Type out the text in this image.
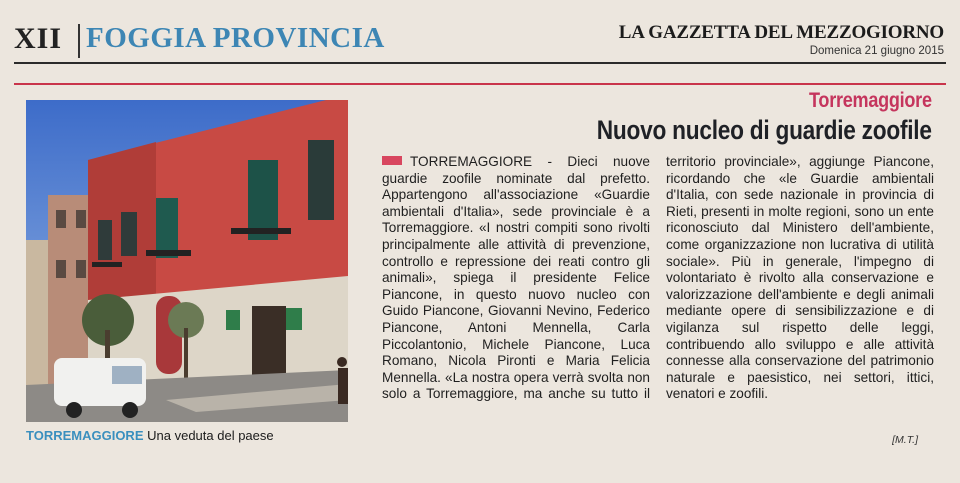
XII FOGGIA PROVINCIA	LA GAZZETTA DEL MEZZOGIORNO
Domenica 21 giugno 2015
TORREMAGGIORE Una veduta del paese
Torremaggiore
Nuovo nucleo di guardie zoofile

TORREMAGGIORE - Dieci nuove guardie zoofile nominate dal prefetto. Appartengono all'associazione «Guardie ambientali d'Italia», sede provinciale è a Torremaggiore. «I nostri compiti sono rivolti principalmente alle attività di prevenzione, controllo e repressione dei reati contro gli animali», spiega il presidente Felice Piancone, in questo nuovo nucleo con Guido Piancone, Giovanni Nevino, Federico Piancone, Antoni Mennella, Carla Piccolantonio, Michele Piancone, Luca Romano, Nicola Pironti e Maria Felicia Mennella. «La nostra opera verrà svolta non solo a Torremaggiore, ma anche su tutto il territorio provinciale», aggiunge Piancone, ricordando che «le Guardie ambientali d'Italia, con sede nazionale in provincia di Rieti, presenti in molte regioni, sono un ente riconosciuto dal Ministero dell'ambiente, come organizzazione non lucrativa di utilità sociale». Più in generale, l'impegno di volontariato è rivolto alla conservazione e valorizzazione dell'ambiente e degli animali mediante opere di sensibilizzazione e di vigilanza sul rispetto delle leggi, contribuendo allo sviluppo e alle attività connesse alla conservazione del patrimonio naturale e paesistico, nei settori, ittici, venatori e zoofili.

[M.T.]
